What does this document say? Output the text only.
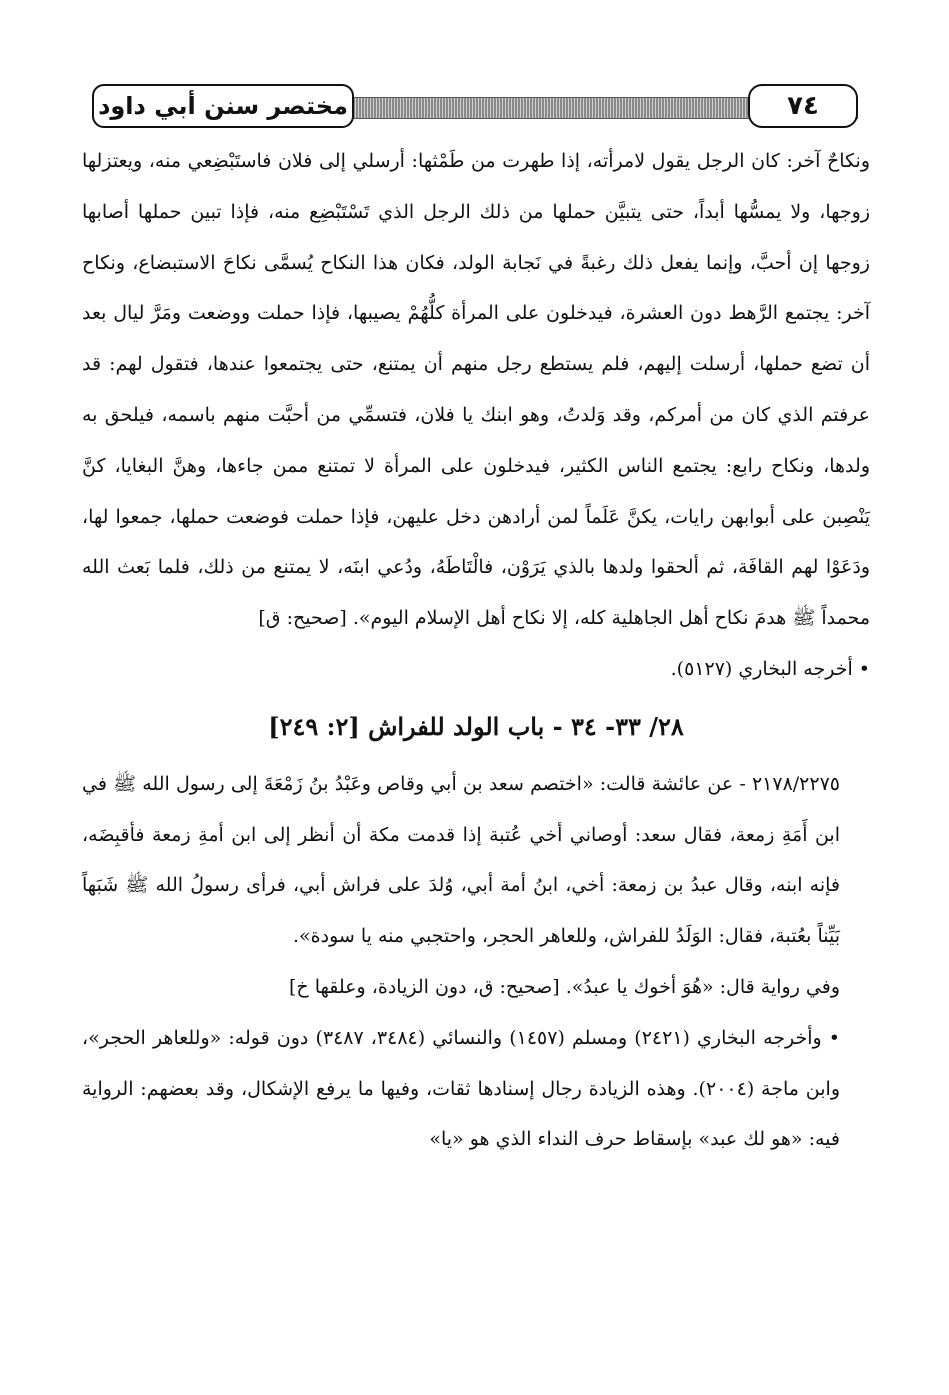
مختصر سنن أبي داود	٧٤

ونكاحٌ آخر: كان الرجل يقول لامرأته، إذا طهرت من طَمْثها: أرسلي إلى فلان فاستَبْضِعي منه، ويعتزلها زوجها، ولا يمسُّها أبداً، حتى يتبيَّن حملها من ذلك الرجل الذي تَسْتَبْضِع منه، فإذا تبين حملها أصابها زوجها إن أحبَّ، وإنما يفعل ذلك رغبةً في نَجابة الولد، فكان هذا النكاح يُسمَّى نكاحَ الاستبضاع، ونكاح آخر: يجتمع الرَّهط دون العشرة، فيدخلون على المرأة كلُّهُمْ يصيبها، فإذا حملت ووضعت ومَرَّ ليال بعد أن تضع حملها، أرسلت إليهم، فلم يستطع رجل منهم أن يمتنع، حتى يجتمعوا عندها، فتقول لهم: قد عرفتم الذي كان من أمركم، وقد وَلدتُ، وهو ابنك يا فلان، فتسمِّي من أحبَّت منهم باسمه، فيلحق به ولدها، ونكاح رابع: يجتمع الناس الكثير، فيدخلون على المرأة لا تمتنع ممن جاءها، وهنَّ البغايا، كنَّ يَنْصِبن على أبوابهن رايات، يكنَّ عَلَماً لمن أرادهن دخل عليهن، فإذا حملت فوضعت حملها، جمعوا لها، ودَعَوْا لهم القافَة، ثم ألحقوا ولدها بالذي يَرَوْن، فالْتَاطَهُ، ودُعي ابنَه، لا يمتنع من ذلك، فلما بَعث الله محمداً ﷺ هدمَ نكاح أهل الجاهلية كله، إلا نكاح أهل الإسلام اليوم». [صحيح: ق]

• أخرجه البخاري (٥١٢٧).

٢٨/ ٣٣- ٣٤ - باب الولد للفراش [٢: ٢٤٩]

٢١٧٨/٢٢٧٥ - عن عائشة قالت: «اختصم سعد بن أبي وقاص وعَبْدُ بنُ زَمْعَةَ إلى رسول الله ﷺ في ابن أَمَةِ زمعة، فقال سعد: أوصاني أخي عُتبة إذا قدمت مكة أن أنظر إلى ابن أمةِ زمعة فأقبِضَه، فإنه ابنه، وقال عبدُ بن زمعة: أخي، ابنُ أمة أبي، وُلدَ على فراش أبي، فرأى رسولُ الله ﷺ شَبَهاً بَيِّناً بعُتبة، فقال: الوَلَدُ للفراش، وللعاهر الحجر، واحتجبي منه يا سودة».

وفي رواية قال: «هُوَ أخوك يا عبدُ». [صحيح: ق، دون الزيادة، وعلقها خ]

• وأخرجه البخاري (٢٤٢١) ومسلم (١٤٥٧) والنسائي (٣٤٨٤، ٣٤٨٧) دون قوله: «وللعاهر الحجر»، وابن ماجة (٢٠٠٤). وهذه الزيادة رجال إسنادها ثقات، وفيها ما يرفع الإشكال، وقد بعضهم: الرواية فيه: «هو لك عبد» بإسقاط حرف النداء الذي هو «يا»
